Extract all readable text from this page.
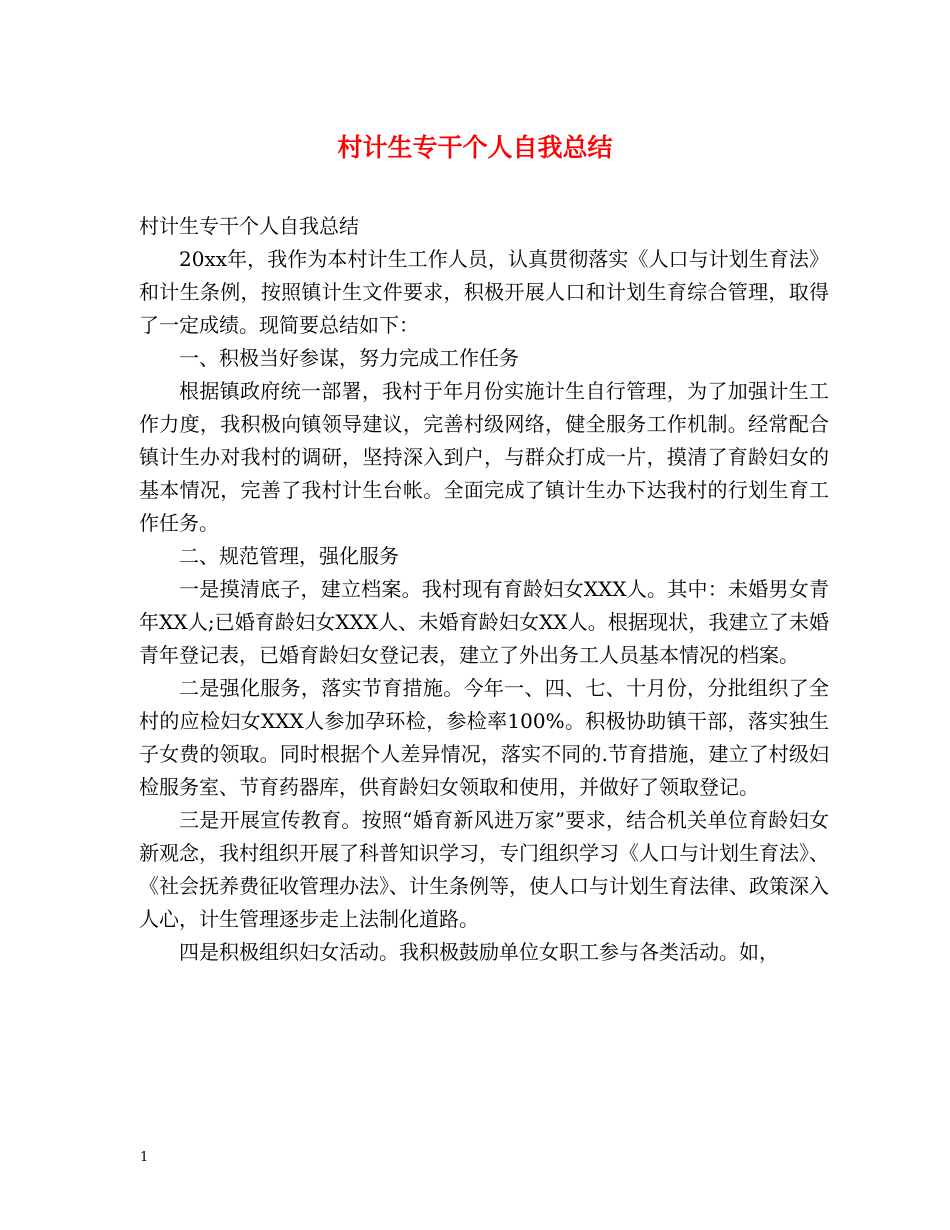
村计生专干个人自我总结

村计生专干个人自我总结

20xx年，我作为本村计生工作人员，认真贯彻落实《人口与计划生育法》和计生条例，按照镇计生文件要求，积极开展人口和计划生育综合管理，取得了一定成绩。现简要总结如下：

一、积极当好参谋，努力完成工作任务

根据镇政府统一部署，我村于年月份实施计生自行管理，为了加强计生工作力度，我积极向镇领导建议，完善村级网络，健全服务工作机制。经常配合镇计生办对我村的调研，坚持深入到户，与群众打成一片，摸清了育龄妇女的基本情况，完善了我村计生台帐。全面完成了镇计生办下达我村的行划生育工作任务。

二、规范管理，强化服务

一是摸清底子，建立档案。我村现有育龄妇女XXX人。其中：未婚男女青年XX人;已婚育龄妇女XXX人、未婚育龄妇女XX人。根据现状，我建立了未婚青年登记表，已婚育龄妇女登记表，建立了外出务工人员基本情况的档案。

二是强化服务，落实节育措施。今年一、四、七、十月份，分批组织了全村的应检妇女XXX人参加孕环检，参检率100%。积极协助镇干部，落实独生子女费的领取。同时根据个人差异情况，落实不同的.节育措施，建立了村级妇检服务室、节育药器库，供育龄妇女领取和使用，并做好了领取登记。

三是开展宣传教育。按照“婚育新风进万家”要求，结合机关单位育龄妇女新观念，我村组织开展了科普知识学习，专门组织学习《人口与计划生育法》、《社会抚养费征收管理办法》、计生条例等，使人口与计划生育法律、政策深入人心，计生管理逐步走上法制化道路。

四是积极组织妇女活动。我积极鼓励单位女职工参与各类活动。如，

1
